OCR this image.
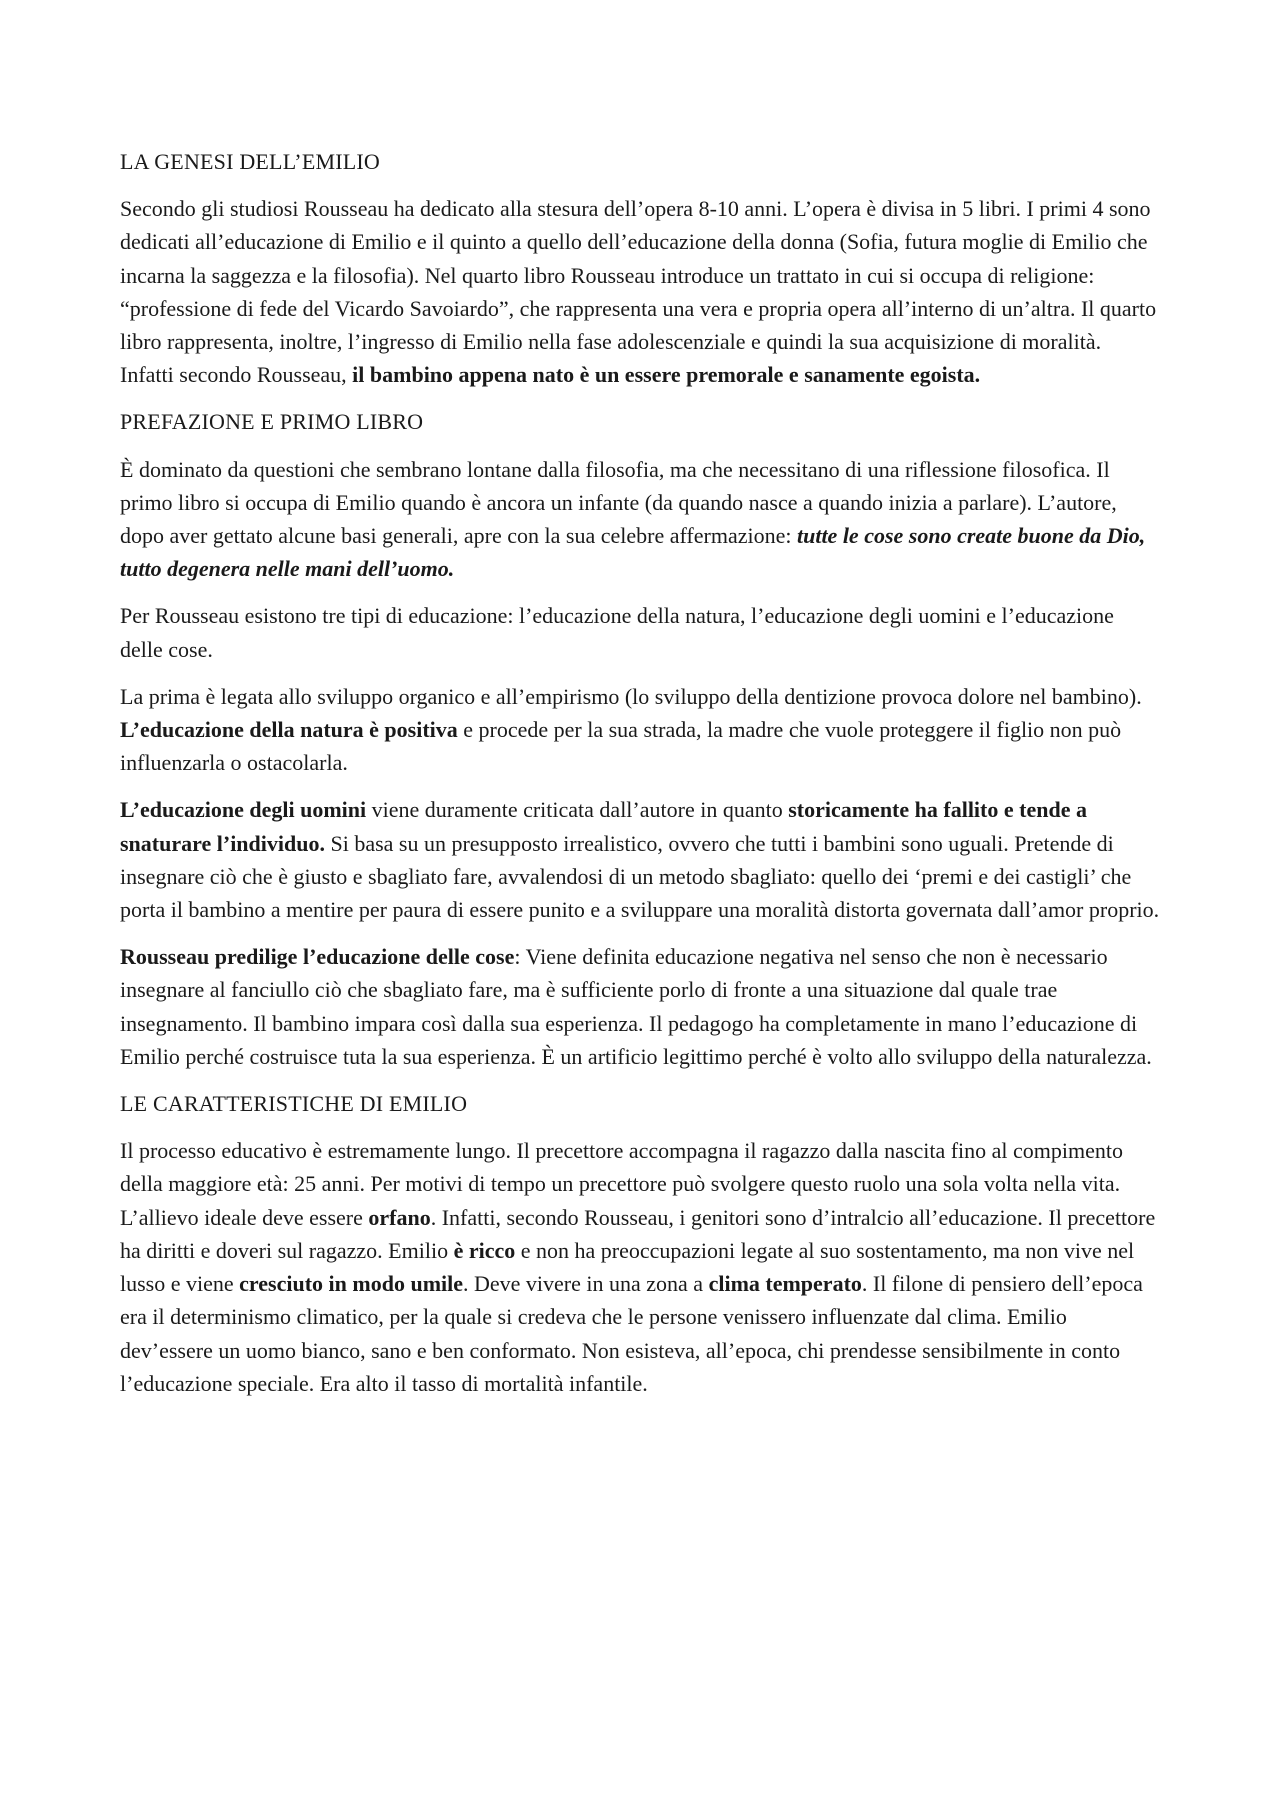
LA GENESI DELL’EMILIO
Secondo gli studiosi Rousseau ha dedicato alla stesura dell’opera 8-10 anni. L’opera è divisa in 5 libri. I primi 4 sono dedicati all’educazione di Emilio e il quinto a quello dell’educazione della donna (Sofia, futura moglie di Emilio che incarna la saggezza e la filosofia). Nel quarto libro Rousseau introduce un trattato in cui si occupa di religione: “professione di fede del Vicardo Savoiardo”, che rappresenta una vera e propria opera all’interno di un’altra. Il quarto libro rappresenta, inoltre, l’ingresso di Emilio nella fase adolescenziale e quindi la sua acquisizione di moralità. Infatti secondo Rousseau, il bambino appena nato è un essere premorale e sanamente egoista.
PREFAZIONE E PRIMO LIBRO
È dominato da questioni che sembrano lontane dalla filosofia, ma che necessitano di una riflessione filosofica. Il primo libro si occupa di Emilio quando è ancora un infante (da quando nasce a quando inizia a parlare). L’autore, dopo aver gettato alcune basi generali, apre con la sua celebre affermazione: tutte le cose sono create buone da Dio, tutto degenera nelle mani dell’uomo.
Per Rousseau esistono tre tipi di educazione: l’educazione della natura, l’educazione degli uomini e l’educazione delle cose.
La prima è legata allo sviluppo organico e all’empirismo (lo sviluppo della dentizione provoca dolore nel bambino). L’educazione della natura è positiva e procede per la sua strada, la madre che vuole proteggere il figlio non può influenzarla o ostacolarla.
L’educazione degli uomini viene duramente criticata dall’autore in quanto storicamente ha fallito e tende a snaturare l’individuo. Si basa su un presupposto irrealistico, ovvero che tutti i bambini sono uguali. Pretende di insegnare ciò che è giusto e sbagliato fare, avvalendosi di un metodo sbagliato: quello dei ‘premi e dei castigli’ che porta il bambino a mentire per paura di essere punito e a sviluppare una moralità distorta governata dall’amor proprio.
Rousseau predilige l’educazione delle cose: Viene definita educazione negativa nel senso che non è necessario insegnare al fanciullo ciò che sbagliato fare, ma è sufficiente porlo di fronte a una situazione dal quale trae insegnamento. Il bambino impara così dalla sua esperienza. Il pedagogo ha completamente in mano l’educazione di Emilio perché costruisce tuta la sua esperienza. È un artificio legittimo perché è volto allo sviluppo della naturalezza.
LE CARATTERISTICHE DI EMILIO
Il processo educativo è estremamente lungo. Il precettore accompagna il ragazzo dalla nascita fino al compimento della maggiore età: 25 anni. Per motivi di tempo un precettore può svolgere questo ruolo una sola volta nella vita. L’allievo ideale deve essere orfano. Infatti, secondo Rousseau, i genitori sono d’intralcio all’educazione. Il precettore ha diritti e doveri sul ragazzo. Emilio è ricco e non ha preoccupazioni legate al suo sostentamento, ma non vive nel lusso e viene cresciuto in modo umile. Deve vivere in una zona a clima temperato. Il filone di pensiero dell’epoca era il determinismo climatico, per la quale si credeva che le persone venissero influenzate dal clima. Emilio dev’essere un uomo bianco, sano e ben conformato. Non esisteva, all’epoca, chi prendesse sensibilmente in conto l’educazione speciale. Era alto il tasso di mortalità infantile.
